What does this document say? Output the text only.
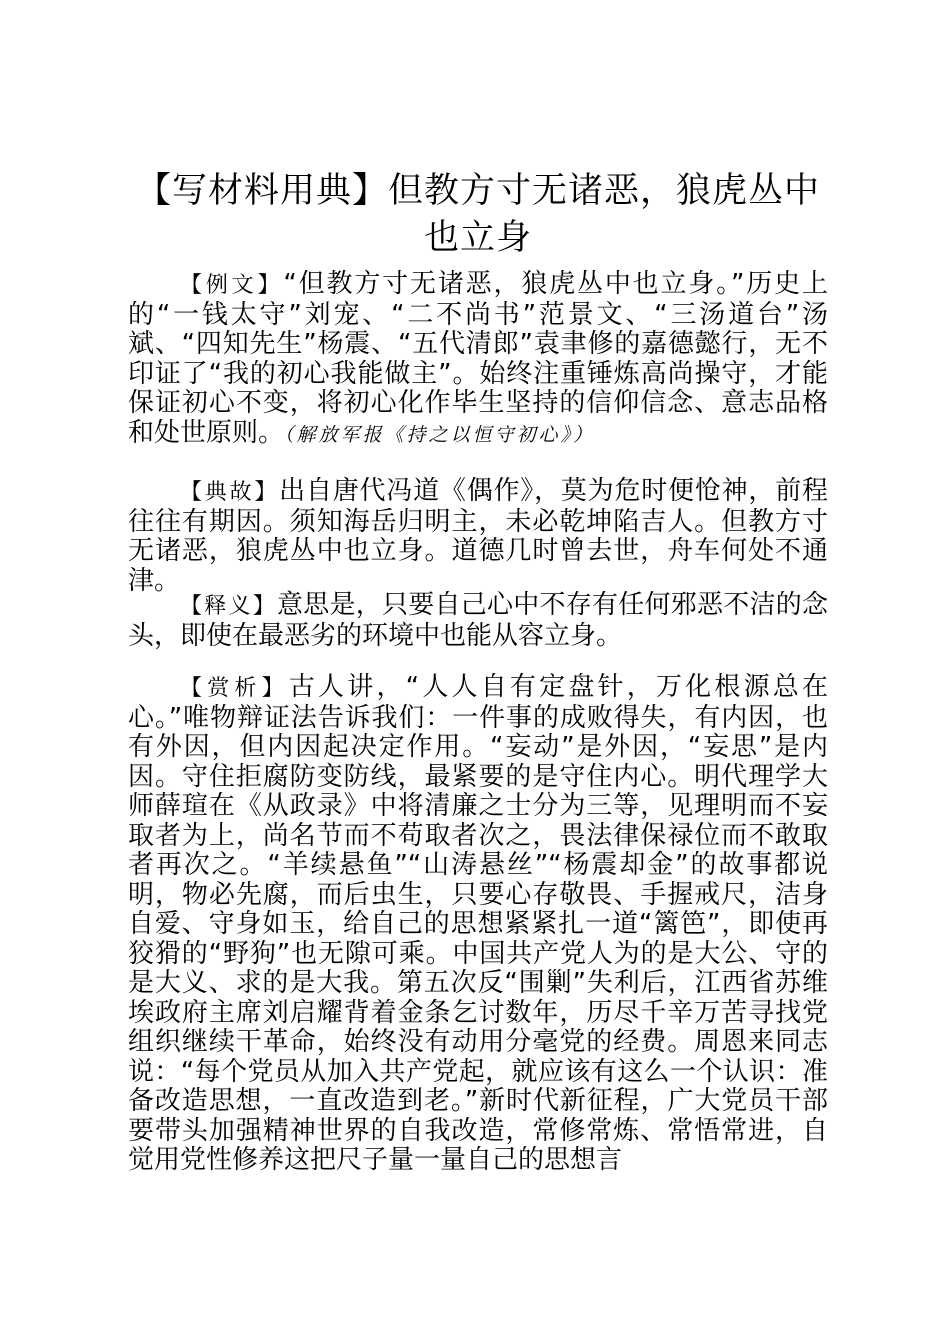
【写材料用典】但教方寸无诸恶，狼虎丛中也立身

【例文】“但教方寸无诸恶，狼虎丛中也立身。”历史上的“一钱太守”刘宠、“二不尚书”范景文、“三汤道台”汤斌、“四知先生”杨震、“五代清郎”袁聿修的嘉德懿行，无不印证了“我的初心我能做主”。始终注重锤炼高尚操守，才能保证初心不变，将初心化作毕生坚持的信仰信念、意志品格和处世原则。（解放军报《持之以恒守初心》）

【典故】出自唐代冯道《偶作》，莫为危时便怆神，前程往往有期因。须知海岳归明主，未必乾坤陷吉人。但教方寸无诸恶，狼虎丛中也立身。道德几时曾去世，舟车何处不通津。

【释义】意思是，只要自己心中不存有任何邪恶不洁的念头，即使在最恶劣的环境中也能从容立身。

【赏析】古人讲，“人人自有定盘针，万化根源总在心。”唯物辩证法告诉我们：一件事的成败得失，有内因，也有外因，但内因起决定作用。“妄动”是外因，“妄思”是内因。守住拒腐防变防线，最紧要的是守住内心。明代理学大师薛瑄在《从政录》中将清廉之士分为三等，见理明而不妄取者为上，尚名节而不苟取者次之，畏法律保禄位而不敢取者再次之。“羊续悬鱼”“山涛悬丝”“杨震却金”的故事都说明，物必先腐，而后虫生，只要心存敬畏、手握戒尺，洁身自爱、守身如玉，给自己的思想紧紧扎一道“篱笆”，即使再狡猾的“野狗”也无隙可乘。中国共产党人为的是大公、守的是大义、求的是大我。第五次反“围剿”失利后，江西省苏维埃政府主席刘启耀背着金条乞讨数年，历尽千辛万苦寻找党组织继续干革命，始终没有动用分毫党的经费。周恩来同志说：“每个党员从加入共产党起，就应该有这么一个认识：准备改造思想，一直改造到老。”新时代新征程，广大党员干部要带头加强精神世界的自我改造，常修常炼、常悟常进，自觉用党性修养这把尺子量一量自己的思想言
